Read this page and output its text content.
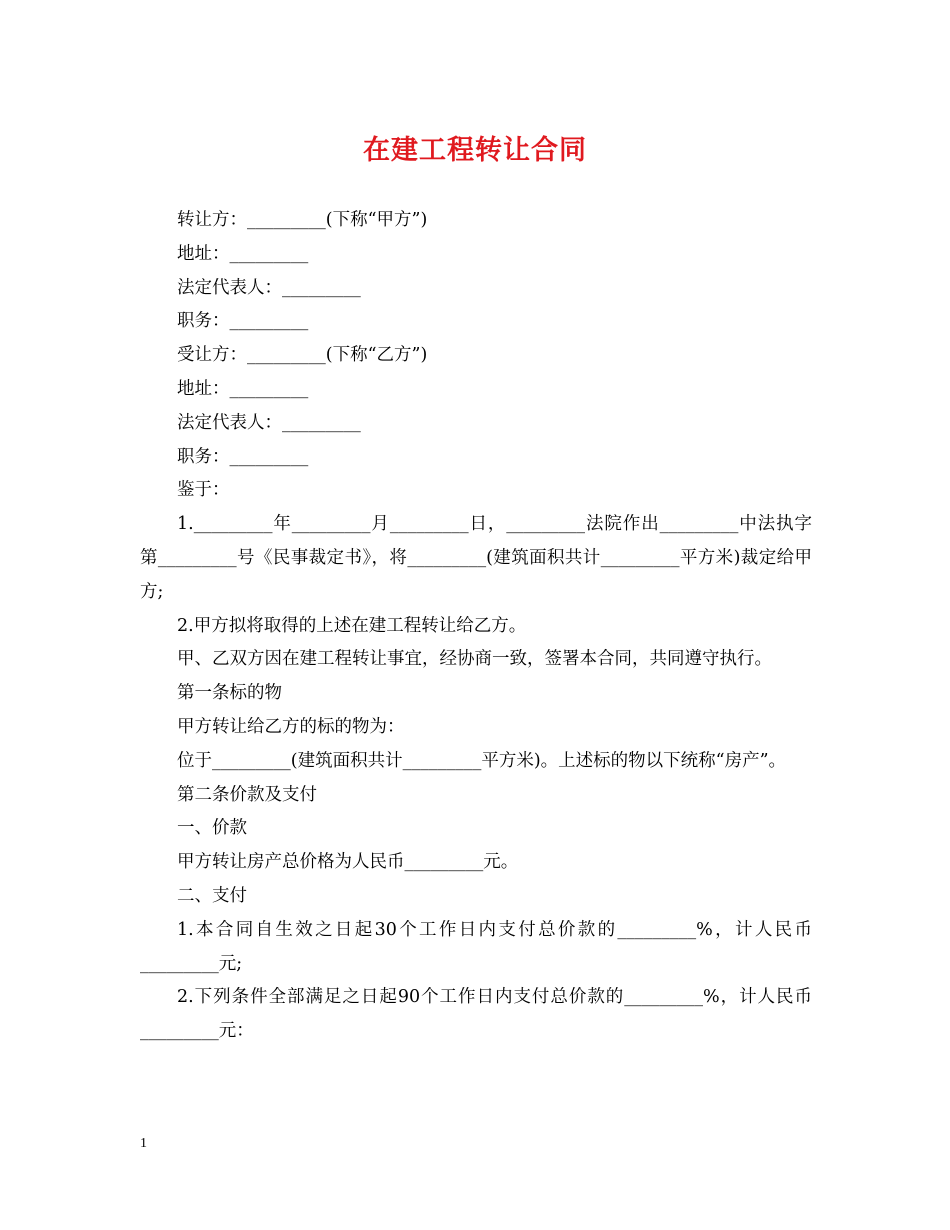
在建工程转让合同

转让方：_________(下称“甲方”)

地址：_________

法定代表人：_________

职务：_________

受让方：_________(下称“乙方”)

地址：_________

法定代表人：_________

职务：_________

鉴于：

1._________年_________月_________日，_________法院作出_________中法执字第_________号《民事裁定书》，将_________(建筑面积共计_________平方米)裁定给甲方;

2.甲方拟将取得的上述在建工程转让给乙方。

甲、乙双方因在建工程转让事宜，经协商一致，签署本合同，共同遵守执行。

第一条标的物

甲方转让给乙方的标的物为：

位于_________(建筑面积共计_________平方米)。上述标的物以下统称“房产”。

第二条价款及支付

一、价款

甲方转让房产总价格为人民币_________元。

二、支付

1.本合同自生效之日起30个工作日内支付总价款的_________%，计人民币_________元;

2.下列条件全部满足之日起90个工作日内支付总价款的_________%，计人民币_________元：

1
